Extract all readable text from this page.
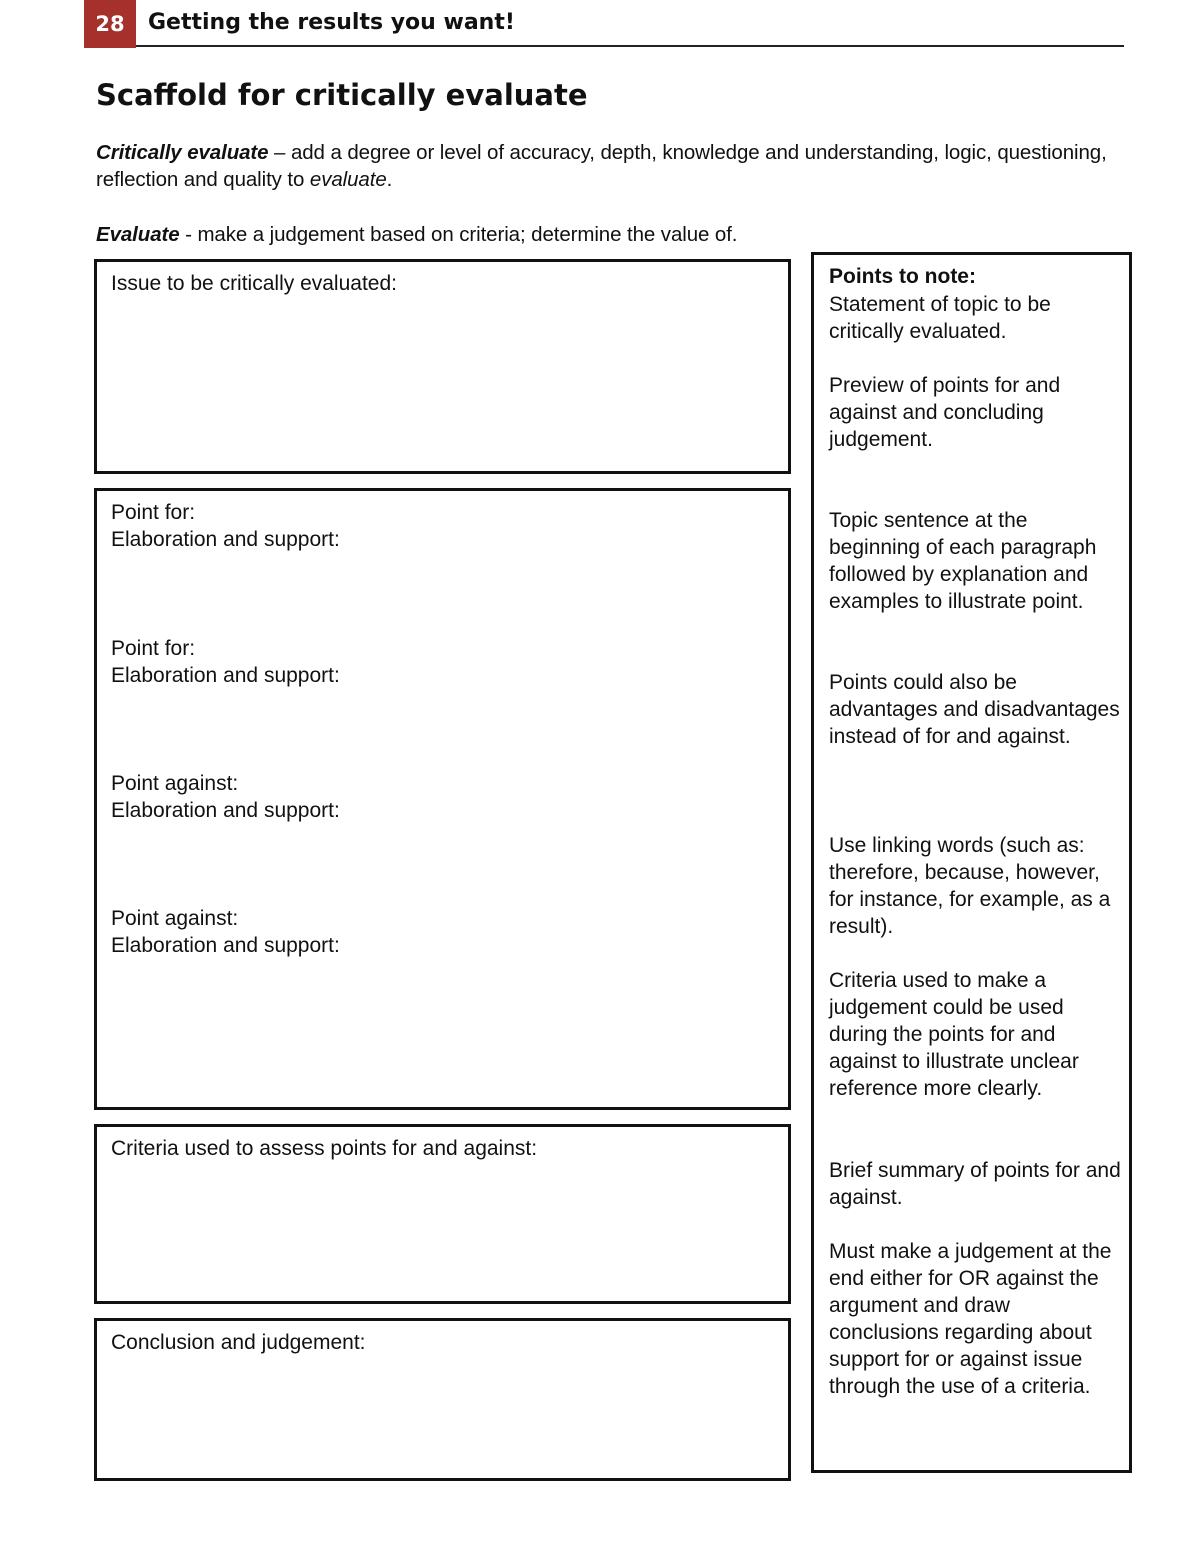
28	Getting the results you want!
Scaffold for critically evaluate

Critically evaluate – add a degree or level of accuracy, depth, knowledge and understanding, logic, questioning, reflection and quality to evaluate.

Evaluate - make a judgement based on criteria; determine the value of.

Issue to be critically evaluated:

Point for:

Elaboration and support:

Point for:

Elaboration and support:

Point against:

Elaboration and support:

Point against:

Elaboration and support:

Criteria used to assess points for and against:

Conclusion and judgement:

Points to note:

Statement of topic to be critically evaluated.

Preview of points for and against and concluding judgement.

Topic sentence at the beginning of each paragraph followed by explanation and examples to illustrate point.

Points could also be advantages and disadvantages instead of for and against.

Use linking words (such as: therefore, because, however, for instance, for example, as a result).

Criteria used to make a judgement could be used during the points for and against to illustrate unclear reference more clearly.

Brief summary of points for and against.

Must make a judgement at the end either for OR against the argument and draw conclusions regarding about support for or against issue through the use of a criteria.
